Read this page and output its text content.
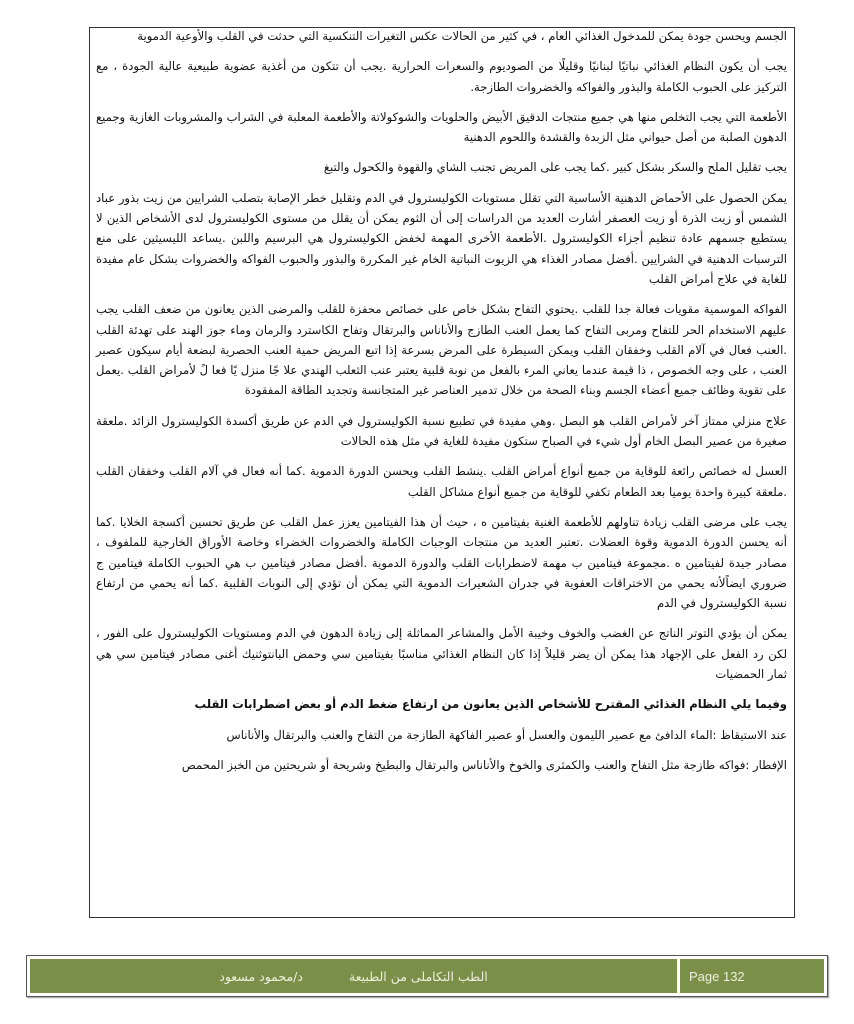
الجسم ويحسن جودة يمكن للمدخول الغذائي العام ، في كثير من الحالات عكس التغيرات التنكسية التي حدثت في القلب والأوعية الدموية

يجب أن يكون النظام الغذائي نباتيًا لبنانيًا وقليلًا من الصوديوم والسعرات الحرارية .يجب أن تتكون من أغذية عضوية طبيعية عالية الجودة ، مع التركيز على الحبوب الكاملة والبذور والفواكه والخضروات الطازجة.

الأطعمة التي يجب التخلص منها هي جميع منتجات الدقيق الأبيض والحلويات والشوكولاتة والأطعمة المعلبة في الشراب والمشروبات الغازية وجميع الدهون الصلبة من أصل حيواني مثل الزبدة والقشدة واللحوم الدهنية

يجب تقليل الملح والسكر بشكل كبير .كما يجب على المريض تجنب الشاي والقهوة والكحول والتبغ

يمكن الحصول على الأحماض الدهنية الأساسية التي تقلل مستويات الكوليسترول في الدم وتقليل خطر الإصابة بتصلب الشرايين من زيت بذور عباد الشمس أو زيت الذرة أو زيت العصفر أشارت العديد من الدراسات إلى أن الثوم يمكن أن يقلل من مستوى الكوليسترول لدى الأشخاص الذين لا يستطيع جسمهم عادة تنظيم أجزاء الكوليسترول .الأطعمة الأخرى المهمة لخفض الكوليسترول هي البرسيم واللبن .يساعد الليسيثين على منع الترسبات الدهنية في الشرايين .أفضل مصادر الغذاء هي الزيوت النباتية الخام غير المكررة والبذور والحبوب الفواكه والخضروات بشكل عام مفيدة للغاية في علاج أمراض القلب

الفواكه الموسمية مقويات فعالة جدا للقلب .يحتوي التفاح بشكل خاص على خصائص محفزة للقلب والمرضى الذين يعانون من ضعف القلب يجب عليهم الاستخدام الحر للتفاح ومربى التفاح كما يعمل العنب الطازج والأناناس والبرتقال وتفاح الكاسترد والرمان وماء جوز الهند على تهدئة القلب .العنب فعال في آلام القلب وخفقان القلب ويمكن السيطرة على المرض بسرعة إذا اتبع المريض حمية العنب الحصرية لبضعة أيام سيكون عصير العنب ، على وجه الخصوص ، ذا قيمة عندما يعاني المرء بالفعل من نوبة قلبية يعتبر عنب الثعلب الهندي علا جًا منزل يًا فعا لً لأمراض القلب .يعمل على تقوية وظائف جميع أعضاء الجسم وبناء الصحة من خلال تدمير العناصر غير المتجانسة وتجديد الطاقة المفقودة

علاج منزلي ممتاز آخر لأمراض القلب هو البصل .وهي مفيدة في تطبيع نسبة الكوليسترول في الدم عن طريق أكسدة الكوليسترول الزائد .ملعقة صغيرة من عصير البصل الخام أول شيء في الصباح ستكون مفيدة للغاية في مثل هذه الحالات

العسل له خصائص رائعة للوقاية من جميع أنواع أمراض القلب .ينشط القلب ويحسن الدورة الدموية .كما أنه فعال في آلام القلب وخفقان القلب .ملعقة كبيرة واحدة يوميا بعد الطعام تكفي للوقاية من جميع أنواع مشاكل القلب

يجب على مرضى القلب زيادة تناولهم للأطعمة الغنية بفيتامين ه ، حيث أن هذا الفيتامين يعزز عمل القلب عن طريق تحسين أكسجة الخلايا .كما أنه يحسن الدورة الدموية وقوة العضلات .تعتبر العديد من منتجات الوجبات الكاملة والخضروات الخضراء وخاصة الأوراق الخارجية للملفوف ، مصادر جيدة لفيتامين ه .مجموعة فيتامين ب مهمة لاضطرابات القلب والدورة الدموية .أفضل مصادر فيتامين ب هي الحبوب الكاملة فيتامين ج ضروري ايضاًلأنه يحمي من الاختراقات العفوية في جدران الشعيرات الدموية التي يمكن أن تؤدي إلى النوبات القلبية .كما أنه يحمي من ارتفاع نسبة الكوليسترول في الدم

يمكن أن يؤدي التوتر الناتج عن الغضب والخوف وخيبة الأمل والمشاعر المماثلة إلى زيادة الدهون في الدم ومستويات الكوليسترول على الفور ، لكن رد الفعل على الإجهاد هذا يمكن أن يضر قليلاً إذا كان النظام الغذائي مناسبًا بفيتامين سي وحمض البانتوثنيك أغنى مصادر فيتامين سي هي ثمار الحمضيات

وفيما يلي النظام الغذائي المقترح للأشخاص الذين يعانون من ارتفاع ضغط الدم أو بعض اضطرابات القلب

عند الاستيقاظ :الماء الدافئ مع عصير الليمون والعسل أو عصير الفاكهة الطازجة من التفاح والعنب والبرتقال والأناناس

الإفطار :فواكه طازجة مثل التفاح والعنب والكمثرى والخوخ والأناناس والبرتقال والبطيخ وشريحة أو شريحتين من الخبز المحمص

الطب التكاملى من الطبيعة
د/محمود مسعود	Page 132
